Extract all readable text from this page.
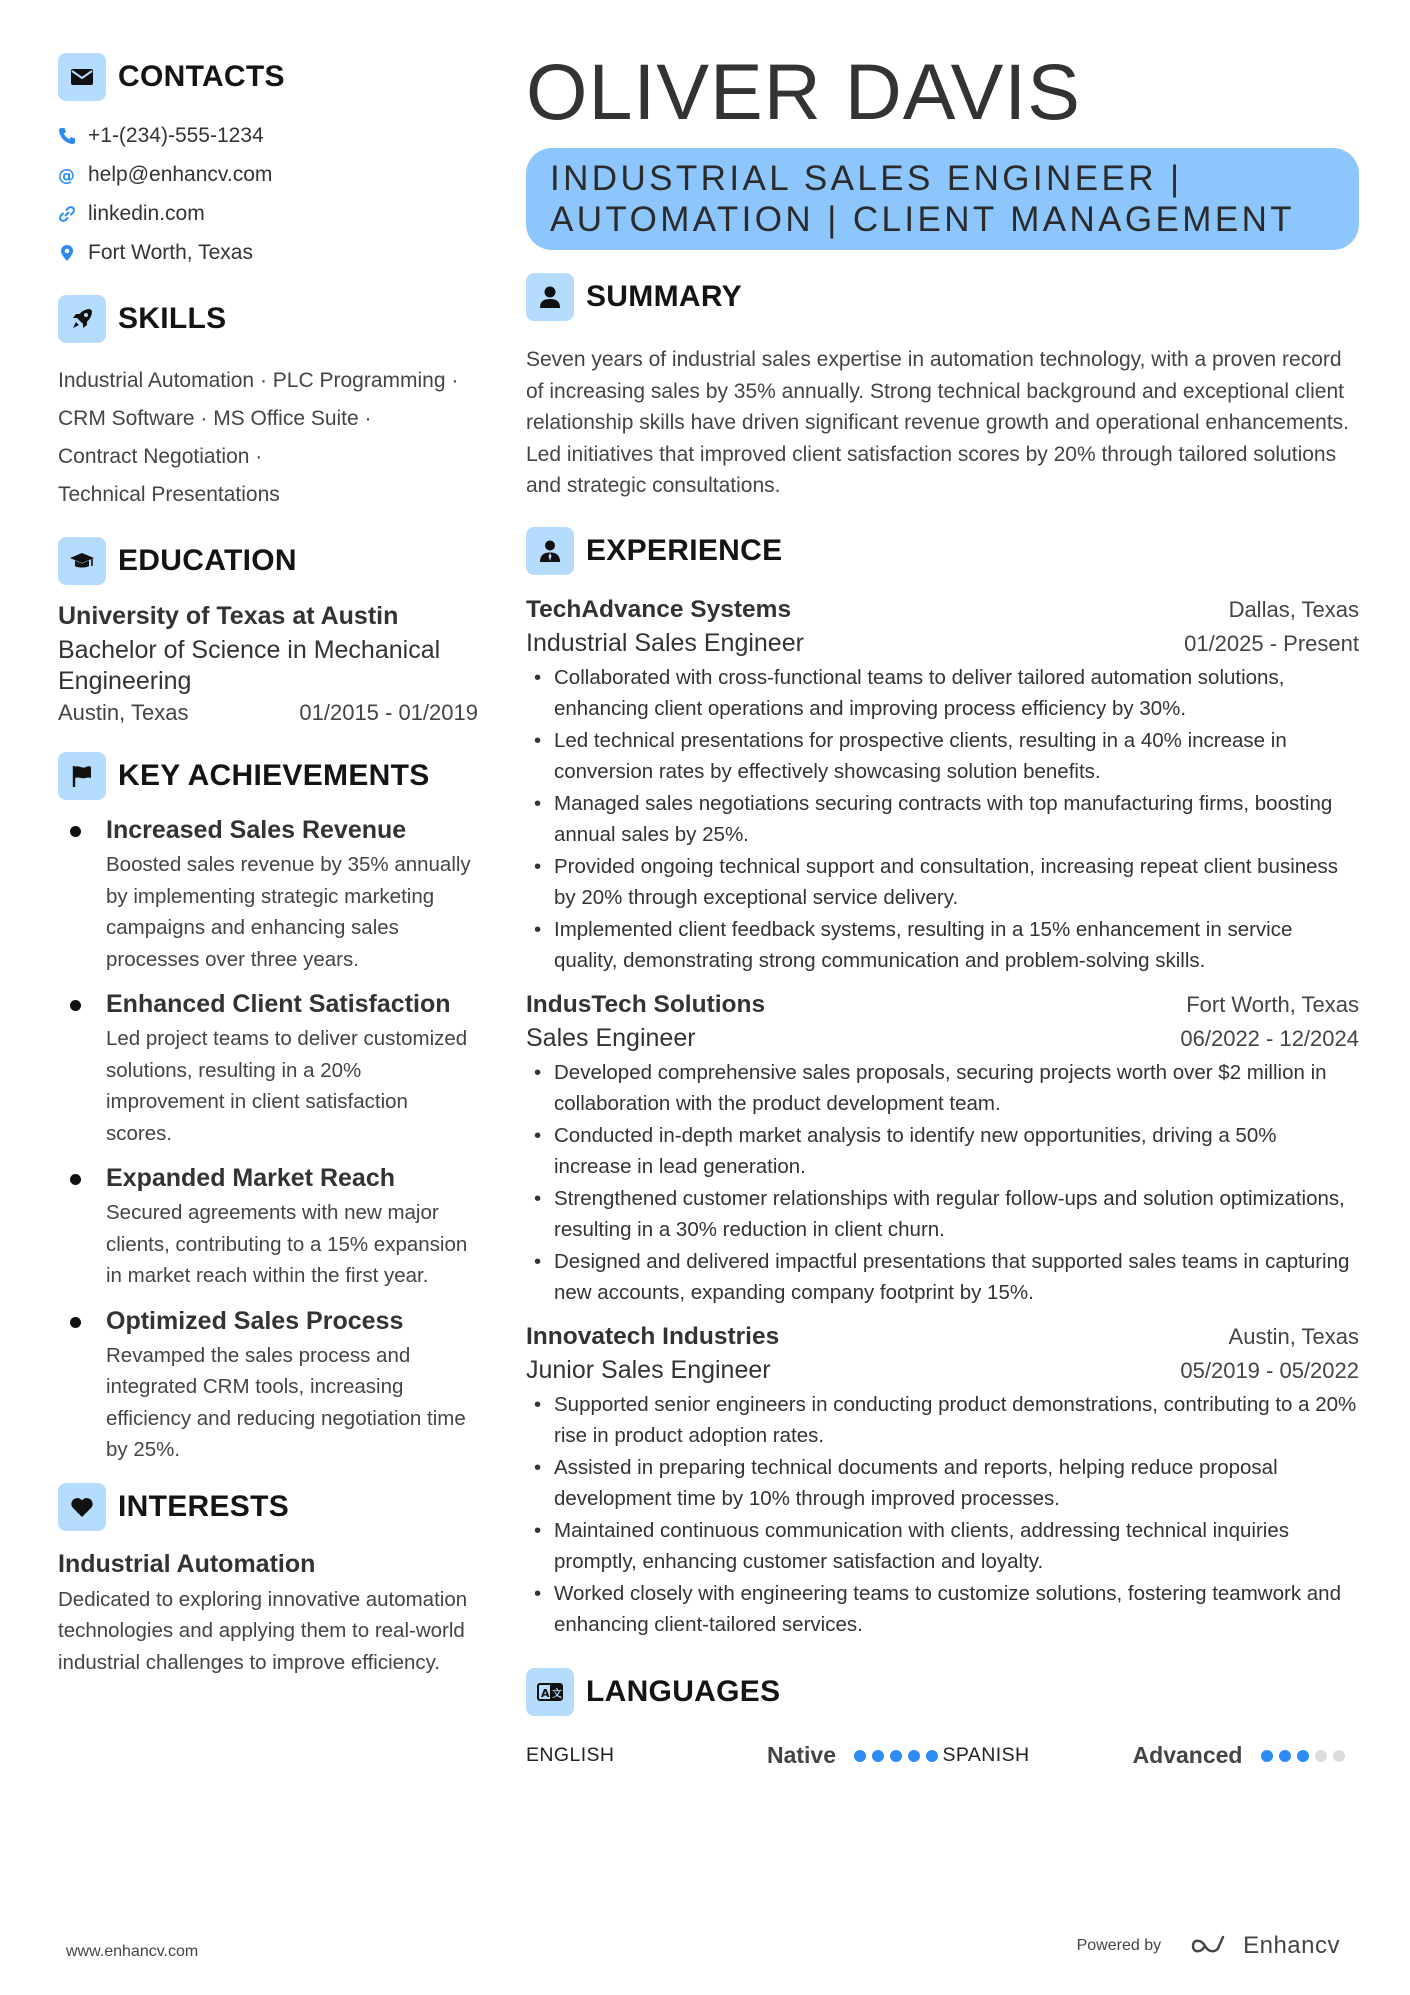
CONTACTS
+1-(234)-555-1234
@ help@enhancv.com
linkedin.com
Fort Worth, Texas
SKILLS
Industrial Automation · PLC Programming ·
CRM Software · MS Office Suite ·
Contract Negotiation ·
Technical Presentations
EDUCATION
University of Texas at Austin
Bachelor of Science in Mechanical Engineering
Austin, Texas	01/2015 - 01/2019
KEY ACHIEVEMENTS
Increased Sales Revenue
Boosted sales revenue by 35% annually by implementing strategic marketing campaigns and enhancing sales processes over three years.
Enhanced Client Satisfaction
Led project teams to deliver customized solutions, resulting in a 20% improvement in client satisfaction scores.
Expanded Market Reach
Secured agreements with new major clients, contributing to a 15% expansion in market reach within the first year.
Optimized Sales Process
Revamped the sales process and integrated CRM tools, increasing efficiency and reducing negotiation time by 25%.
INTERESTS
Industrial Automation
Dedicated to exploring innovative automation technologies and applying them to real-world industrial challenges to improve efficiency.
OLIVER DAVIS
INDUSTRIAL SALES ENGINEER |
AUTOMATION | CLIENT MANAGEMENT
SUMMARY
Seven years of industrial sales expertise in automation technology, with a proven record of increasing sales by 35% annually. Strong technical background and exceptional client relationship skills have driven significant revenue growth and operational enhancements. Led initiatives that improved client satisfaction scores by 20% through tailored solutions and strategic consultations.
EXPERIENCE
TechAdvance Systems	Dallas, Texas
Industrial Sales Engineer	01/2025 - Present
• Collaborated with cross-functional teams to deliver tailored automation solutions, enhancing client operations and improving process efficiency by 30%.
• Led technical presentations for prospective clients, resulting in a 40% increase in conversion rates by effectively showcasing solution benefits.
• Managed sales negotiations securing contracts with top manufacturing firms, boosting annual sales by 25%.
• Provided ongoing technical support and consultation, increasing repeat client business by 20% through exceptional service delivery.
• Implemented client feedback systems, resulting in a 15% enhancement in service quality, demonstrating strong communication and problem-solving skills.
IndusTech Solutions	Fort Worth, Texas
Sales Engineer	06/2022 - 12/2024
• Developed comprehensive sales proposals, securing projects worth over $2 million in collaboration with the product development team.
• Conducted in-depth market analysis to identify new opportunities, driving a 50% increase in lead generation.
• Strengthened customer relationships with regular follow-ups and solution optimizations, resulting in a 30% reduction in client churn.
• Designed and delivered impactful presentations that supported sales teams in capturing new accounts, expanding company footprint by 15%.
Innovatech Industries	Austin, Texas
Junior Sales Engineer	05/2019 - 05/2022
• Supported senior engineers in conducting product demonstrations, contributing to a 20% rise in product adoption rates.
• Assisted in preparing technical documents and reports, helping reduce proposal development time by 10% through improved processes.
• Maintained continuous communication with clients, addressing technical inquiries promptly, enhancing customer satisfaction and loyalty.
• Worked closely with engineering teams to customize solutions, fostering teamwork and enhancing client-tailored services.
A 文 LANGUAGES
ENGLISH	Native	SPANISH	Advanced
www.enhancv.com	Powered by	Enhancv
